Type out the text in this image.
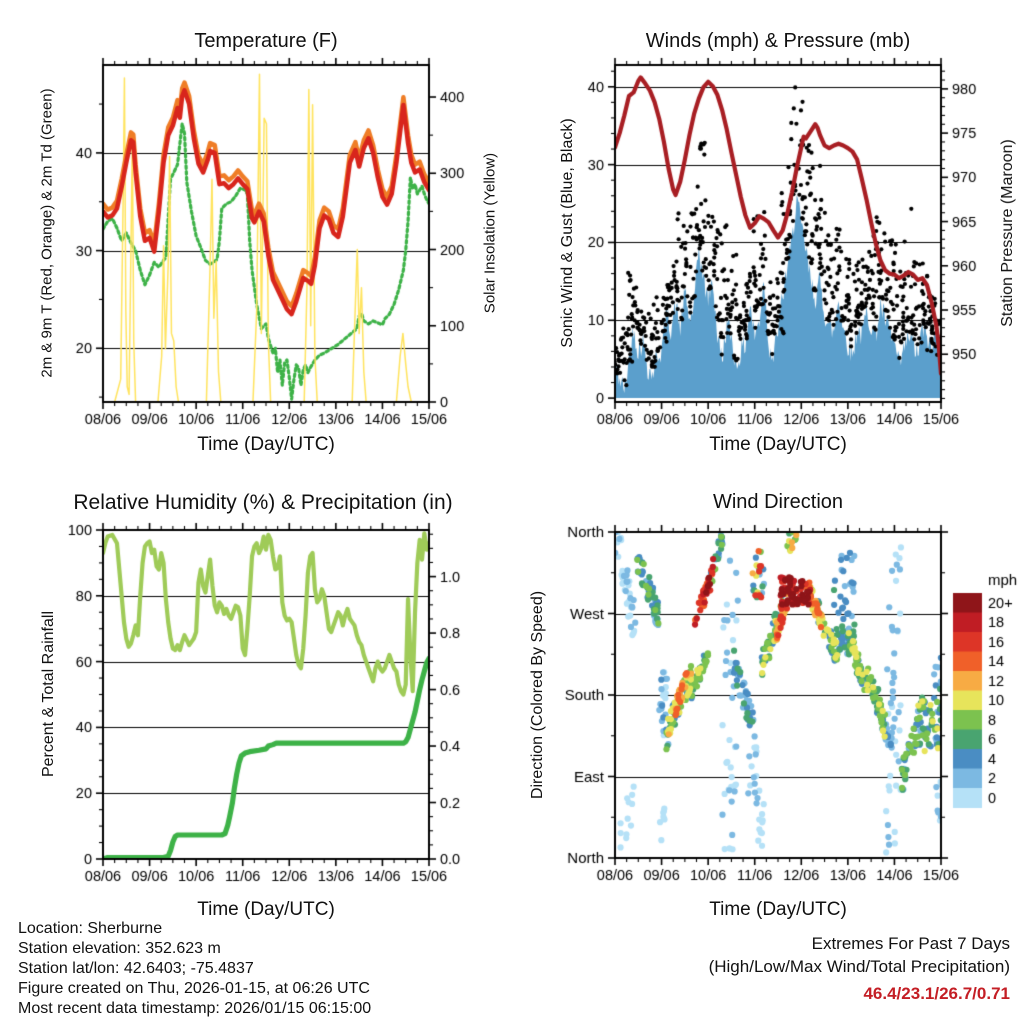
Temperature (F)	Winds (mph) & Pressure (mb)
Relative Humidity (%) & Precipitation (in)	Wind Direction
Time (Day/UTC)	Time (Day/UTC)
Time (Day/UTC)	Time (Day/UTC)
2m & 9m T (Red, Orange) & 2m Td (Green)	Solar Insolation (Yellow)	Sonic Wind & Gust (Blue, Black)	Station Pressure (Maroon)
Percent & Total Rainfall	Direction (Colored By Speed)
Location: Sherburne
Station elevation: 352.623 m
Station lat/lon: 42.6403; -75.4837
Figure created on Thu, 2026-01-15, at 06:26 UTC
Most recent data timestamp: 2026/01/15 06:15:00
Extremes For Past 7 Days
(High/Low/Max Wind/Total Precipitation)
46.4/23.1/26.7/0.71
